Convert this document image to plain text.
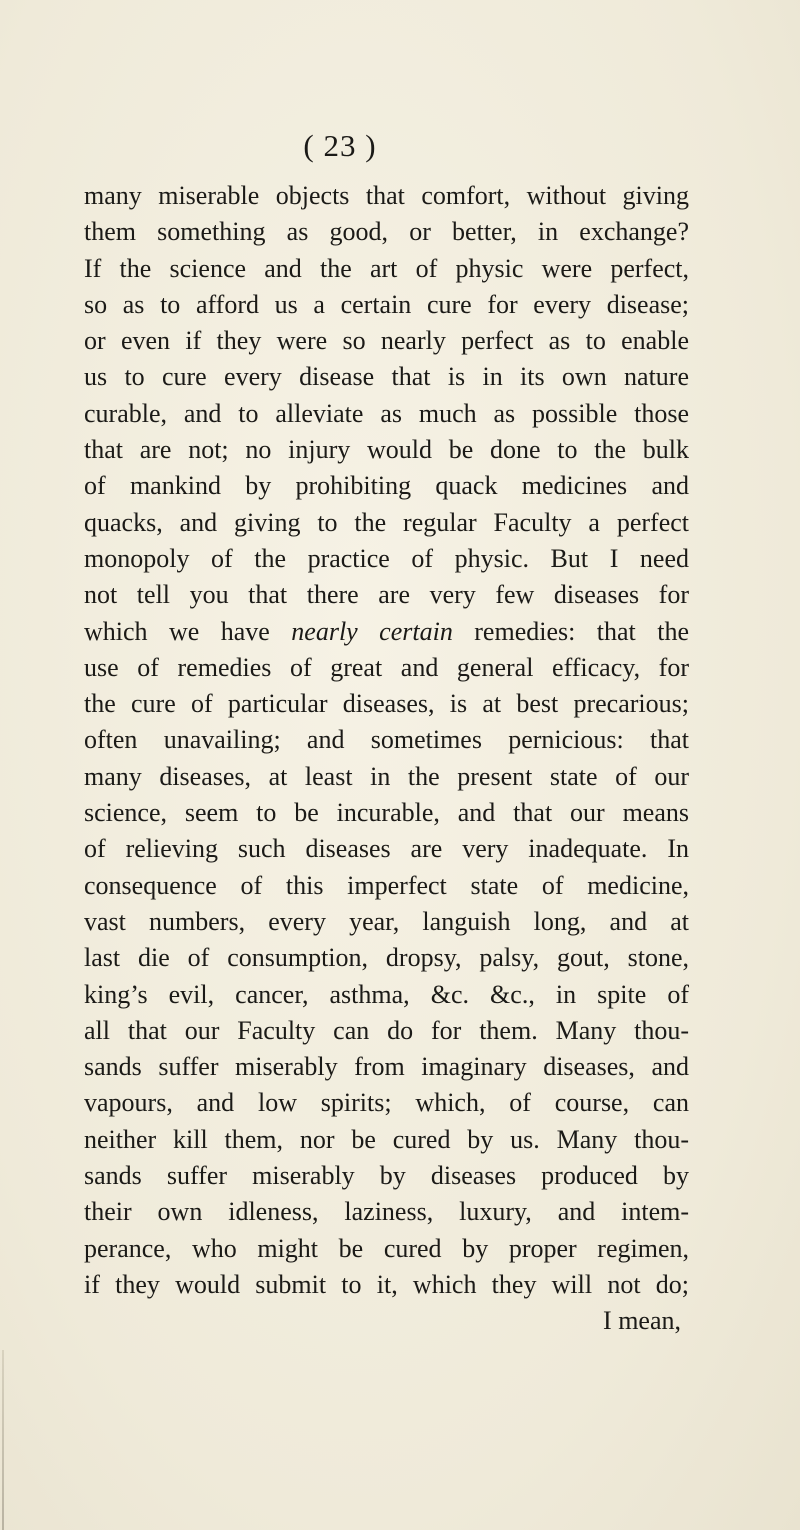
( 23 )
many miserable objects that comfort, without giving
them something as good, or better, in exchange?
If the science and the art of physic were perfect,
so as to afford us a certain cure for every disease;
or even if they were so nearly perfect as to enable
us to cure every disease that is in its own nature
curable, and to alleviate as much as possible those
that are not; no injury would be done to the bulk
of mankind by prohibiting quack medicines and
quacks, and giving to the regular Faculty a perfect
monopoly of the practice of physic. But I need
not tell you that there are very few diseases for
which we have nearly certain remedies: that the
use of remedies of great and general efficacy, for
the cure of particular diseases, is at best precarious;
often unavailing; and sometimes pernicious: that
many diseases, at least in the present state of our
science, seem to be incurable, and that our means
of relieving such diseases are very inadequate. In
consequence of this imperfect state of medicine,
vast numbers, every year, languish long, and at
last die of consumption, dropsy, palsy, gout, stone,
king’s evil, cancer, asthma, &c. &c., in spite of
all that our Faculty can do for them. Many thou-
sands suffer miserably from imaginary diseases, and
vapours, and low spirits; which, of course, can
neither kill them, nor be cured by us. Many thou-
sands suffer miserably by diseases produced by
their own idleness, laziness, luxury, and intem-
perance, who might be cured by proper regimen,
if they would submit to it, which they will not do;
I mean,
